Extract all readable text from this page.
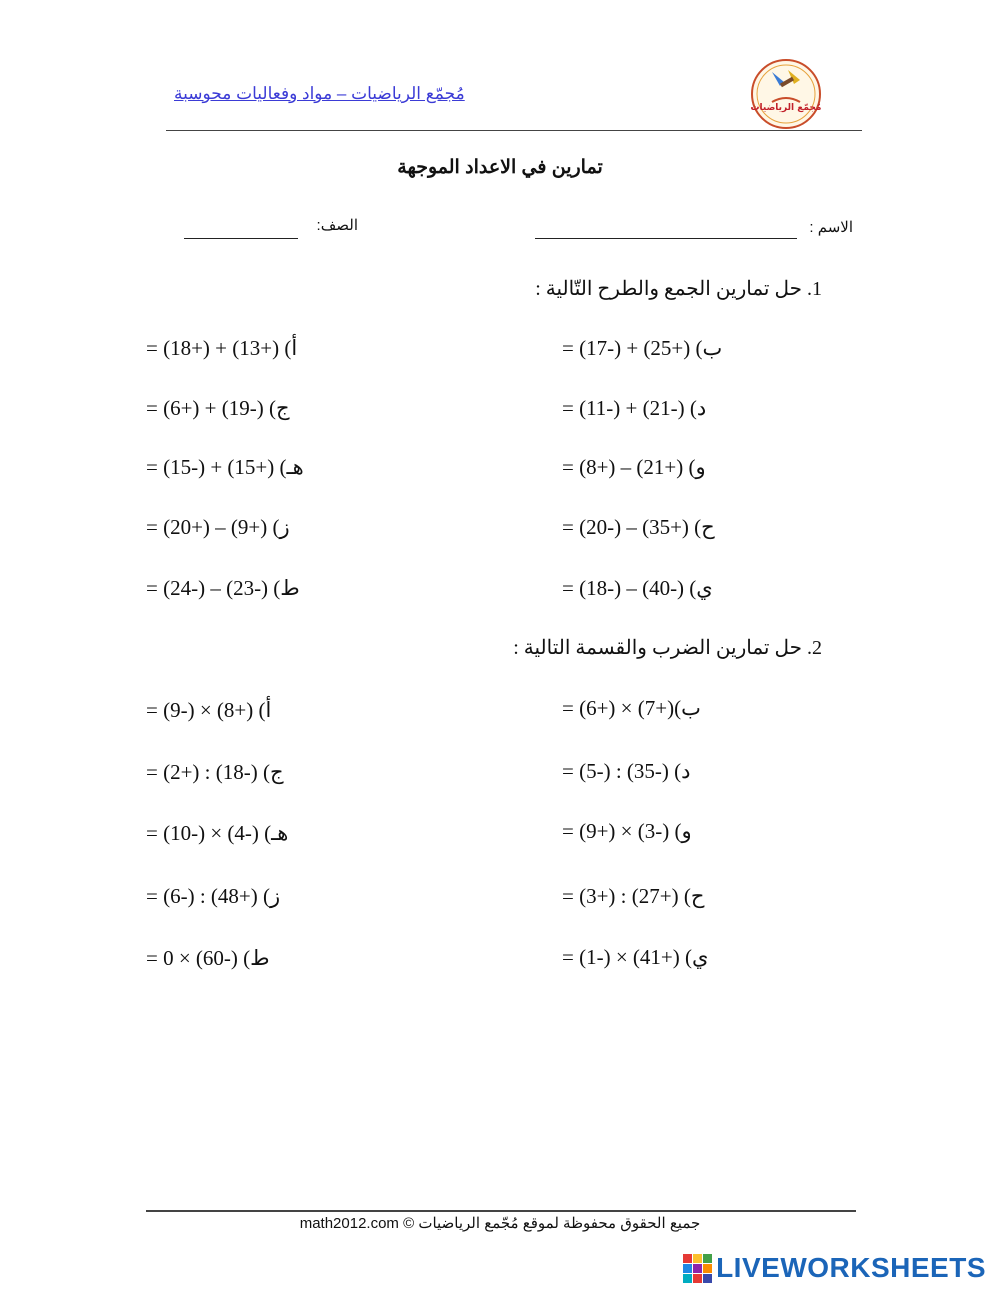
مُجمّع الرياضيات – مواد وفعاليات محوسبة
مُجمّع الرياضيات
تمارين في الاعداد الموجهة
الاسم :
الصف:
1. حل تمارين الجمع والطرح التّالية :
= (18+) + (13+) (أ
= (6+) + (19-) (ج
= (15-) + (15+) (هـ
= (20+) – (9+) (ز
= (24-) – (23-) (ط
= (17-) + (25+) (ب
= (11-) + (21-) (د
= (8+) – (21+) (و
= (20-) – (35+) (ح
= (18-) – (40-) (ي
2. حل تمارين الضرب والقسمة التالية :
= (9-) × (8+) (أ
= (2+) : (18-) (ج
= (10-) × (4-) (هـ
= (6-) : (48+) (ز
= 0 × (60-) (ط
= (6+) × (7+)(ب
= (5-) : (35-) (د
= (9+) × (3-) (و
= (3+) : (27+) (ح
= (1-) × (41+) (ي
جميع الحقوق محفوظة لموقع مُجّمع الرياضيات © math2012.com
LIVEWORKSHEETS
